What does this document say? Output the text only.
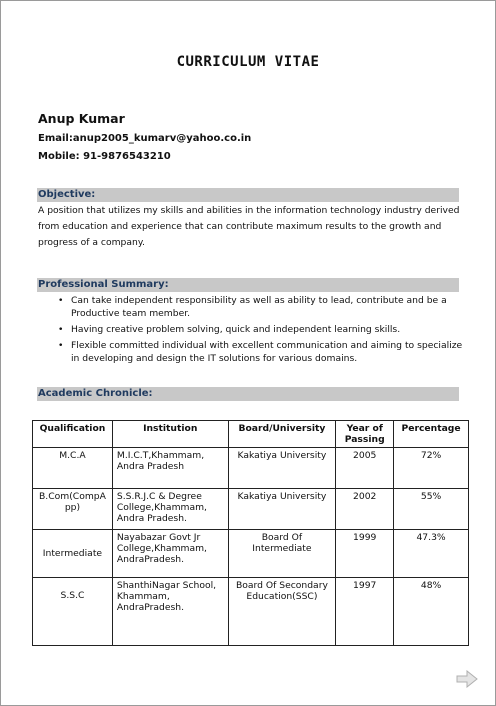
CURRICULUM VITAE
Anup Kumar
Email:anup2005_kumarv@yahoo.co.in
Mobile: 91-9876543210
Objective:
A position that utilizes my skills and abilities in the information technology industry derived
from education and experience that can contribute maximum results to the growth and
progress of a company.
Professional Summary:
• Can take independent responsibility as well as ability to lead, contribute and be a
Productive team member.
• Having creative problem solving, quick and independent learning skills.
• Flexible committed individual with excellent communication and aiming to specialize
in developing and design the IT solutions for various domains.
Academic Chronicle:
Qualification	Institution	Board/University	Year of Passing	Percentage
M.C.A	M.I.C.T,Khammam, Andra Pradesh	Kakatiya University	2005	72%
B.Com(CompApp)	S.S.R.J.C & Degree College,Khammam, Andra Pradesh.	Kakatiya University	2002	55%
Intermediate	Nayabazar Govt Jr College,Khammam, AndraPradesh.	Board Of Intermediate	1999	47.3%
S.S.C	ShanthiNagar School, Khammam, AndraPradesh.	Board Of Secondary Education(SSC)	1997	48%
